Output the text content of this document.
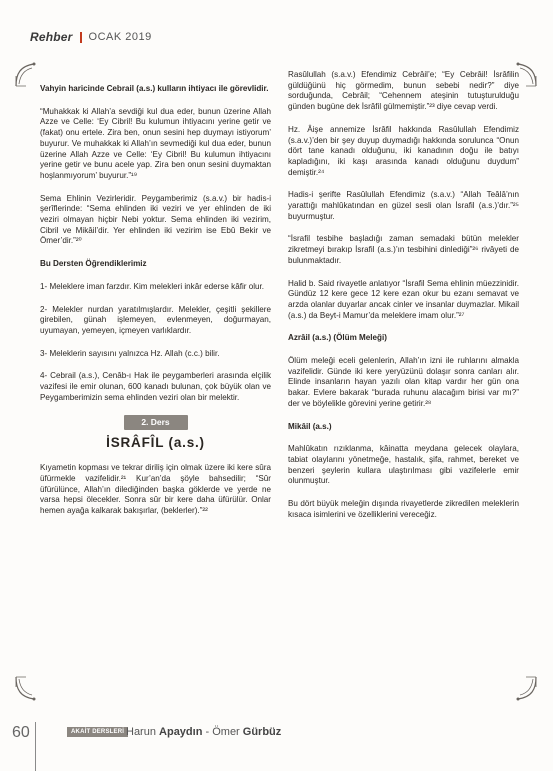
Rehber OCAK 2019
Vahyin haricinde Cebrail (a.s.) kulların ihtiyacı ile görevlidir.

“Muhakkak ki Allah’a sevdiği kul dua eder, bunun üzerine Allah Azze ve Celle: ‘Ey Cibril! Bu kulumun ihtiyacını yerine getir ve (fakat) onu ertele. Zira ben, onun sesini hep duymayı istiyorum’ buyurur. Ve muhakkak ki Allah’ın sevmediği kul dua eder, bunun üzerine Allah Azze ve Celle: ‘Ey Cibril! Bu kulumun ihtiyacını yerine getir ve bunu acele yap. Zira ben onun sesini duymaktan hoşlanmıyorum’ buyurur.”¹⁹

Sema Ehlinin Vezirleridir. Peygamberimiz (s.a.v.) bir hadis-i şerîflerinde: “Sema ehlinden iki veziri ve yer ehlinden de iki veziri olmayan hiçbir Nebi yoktur. Sema ehlinden iki vezirim, Cibril ve Mikâil’dir. Yer ehlinden iki vezirim ise Ebû Bekir ve Ömer’dir.”²⁰

Bu Dersten Öğrendiklerimiz

1- Meleklere iman farzdır. Kim melekleri inkâr ederse kâfir olur.

2- Melekler nurdan yaratılmışlardır. Melekler, çeşitli şekillere girebilen, günah işlemeyen, evlenmeyen, doğurmayan, uyumayan, yemeyen, içmeyen varlıklardır.

3- Meleklerin sayısını yalnızca Hz. Allah (c.c.) bilir.

4- Cebrail (a.s.), Cenâb-ı Hak ile peygamberleri arasında elçilik vazifesi ile emir olunan, 600 kanadı bulunan, çok büyük olan ve Peygamberimizin sema ehlinden veziri olan bir melektir.

2. Ders
İSRÂFÎL (a.s.)

Kıyametin kopması ve tekrar diriliş için olmak üzere iki kere sûra üfürmekle vazifelidir.²¹ Kur’an’da şöyle bahsedilir; “Sûr üfürülünce, Allah’ın dilediğinden başka göklerde ve yerde ne varsa hepsi ölecekler. Sonra sûr bir kere daha üfürülür. Onlar hemen ayağa kalkarak bakışırlar, (beklerler).”²²

Rasûlullah (s.a.v.) Efendimiz Cebrâil’e; “Ey Cebrâil! İsrâfilin güldüğünü hiç görmedim, bunun sebebi nedir?” diye sorduğunda, Cebrâil; “Cehennem ateşinin tutuşturulduğu günden bugüne dek İsrâfil gülmemiştir.”²³ diye cevap verdi.

Hz. Âişe annemize İsrâfil hakkında Rasûlullah Efendimiz (s.a.v.)’den bir şey duyup duymadığı hakkında sorulunca “Onun dört tane kanadı olduğunu, iki kanadının doğu ile batıyı kapladığını, iki kaşı arasında kanadı olduğunu duydum” demiştir.²⁴

Hadis-i şerifte Rasûlullah Efendimiz (s.a.v.) “Allah Teâlâ’nın yarattığı mahlûkatından en güzel sesli olan İsrafil (a.s.)’dır.”²⁵ buyurmuştur.

“İsrafil tesbihe başladığı zaman semadaki bütün melekler zikretmeyi bırakıp İsrafil (a.s.)’ın tesbihini dinlediği”²⁶ rivâyeti de bulunmaktadır.

Halid b. Said rivayetle anlatıyor “İsrafil Sema ehlinin müezzinidir. Gündüz 12 kere gece 12 kere ezan okur bu ezanı semavat ve arzda olanlar duyarlar ancak cinler ve insanlar duymazlar. Mikail (a.s.) da Beyt-i Mamur’da meleklere imam olur.”²⁷

Azrâil (a.s.) (Ölüm Meleği)

Ölüm meleği eceli gelenlerin, Allah’ın izni ile ruhlarını almakla vazifelidir. Günde iki kere yeryüzünü dolaşır sonra canları alır. Elinde insanların hayan yazılı olan kitap vardır her gün ona bakar. Evlere bakarak “burada ruhunu alacağım birisi var mı?” der ve böylelikle görevini yerine getirir.²⁸

Mikâil (a.s.)

Mahlûkatın rızıklanma, kâinatta meydana gelecek olaylara, tabiat olaylarını yönetmeğe, hastalık, şifa, rahmet, bereket ve benzeri şeylerin kullara ulaştırılması gibi vazifelerle emir olunmuştur.

Bu dört büyük meleğin dışında rivayetlerde zikredilen meleklerin kısaca isimlerini ve özelliklerini vereceğiz.

60	AKAİT DERSLERİ Harun Apaydın - Ömer Gürbüz
